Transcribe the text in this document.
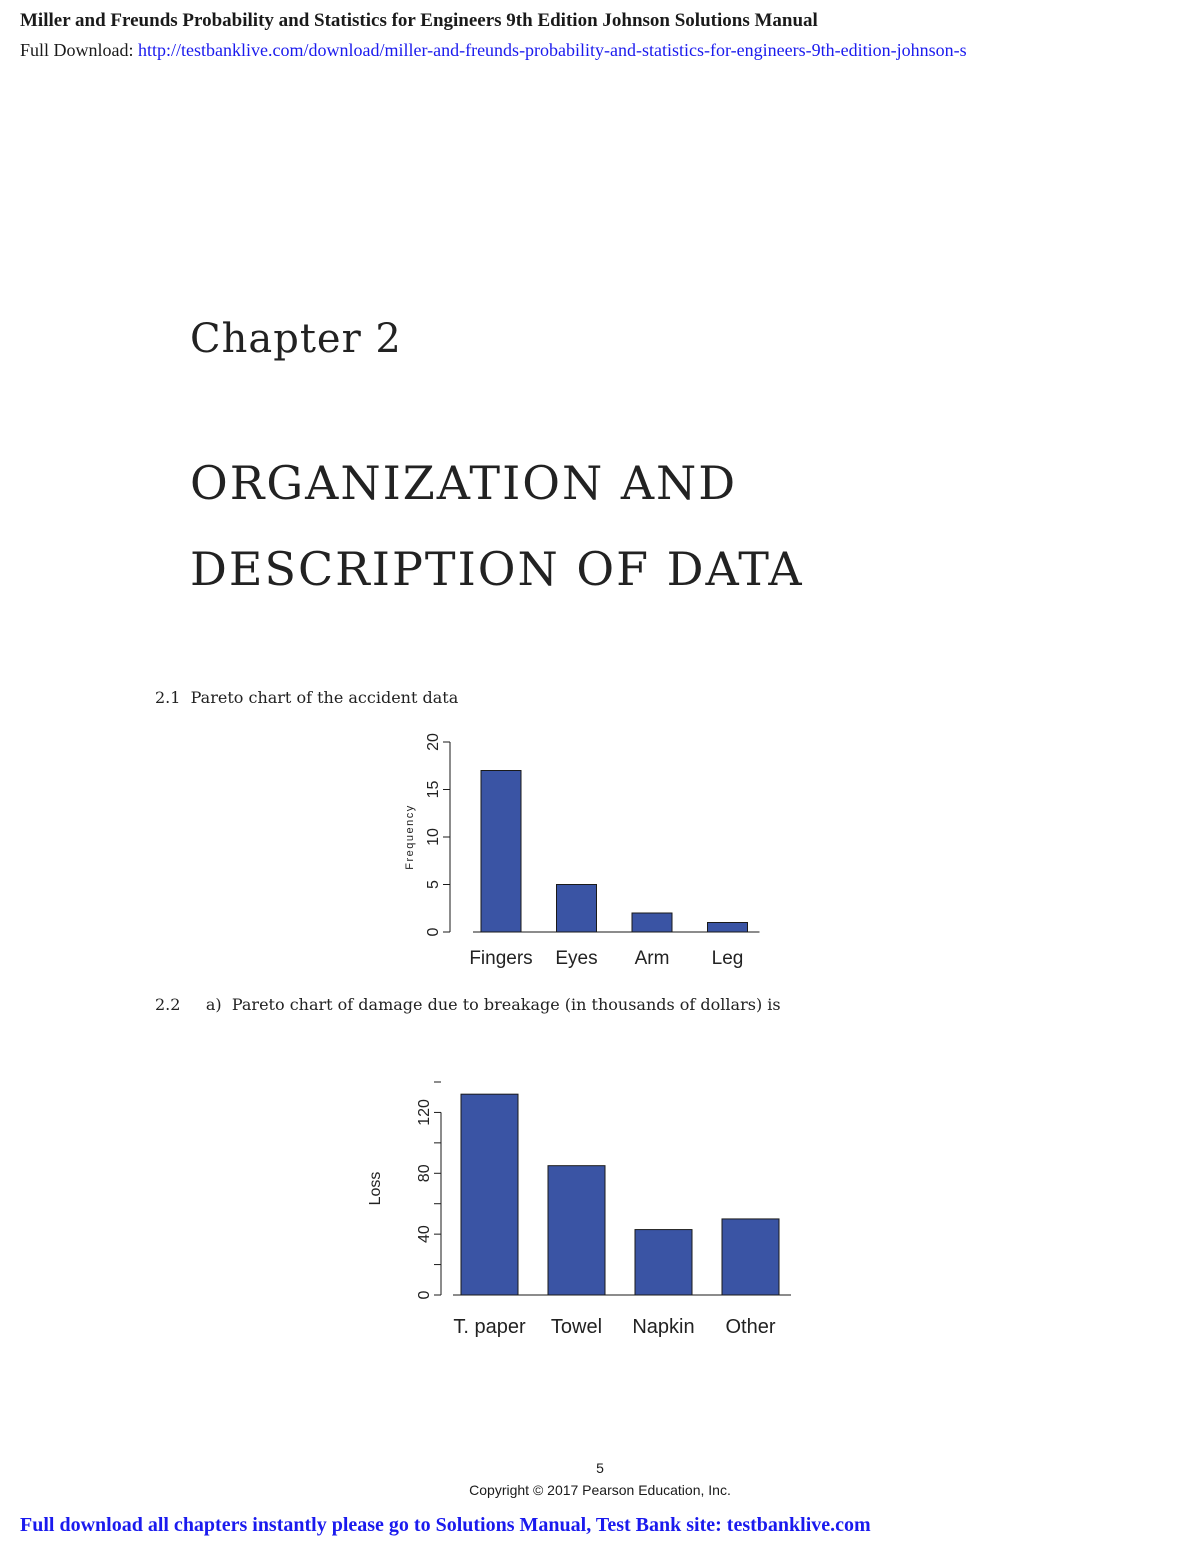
Miller and Freunds Probability and Statistics for Engineers 9th Edition Johnson Solutions Manual
Full Download: http://testbanklive.com/download/miller-and-freunds-probability-and-statistics-for-engineers-9th-edition-johnson-s
Chapter 2
ORGANIZATION AND
DESCRIPTION OF DATA
2.1 Pareto chart of the accident data
Fingers Eyes Arm Leg
0
5
10
15
20
Frequency
2.2 a) Pareto chart of damage due to breakage (in thousands of dollars) is
T. paper Towel Napkin Other
0
40
80
120
Loss
5
Copyright © 2017 Pearson Education, Inc.
Full download all chapters instantly please go to Solutions Manual, Test Bank site: testbanklive.com
